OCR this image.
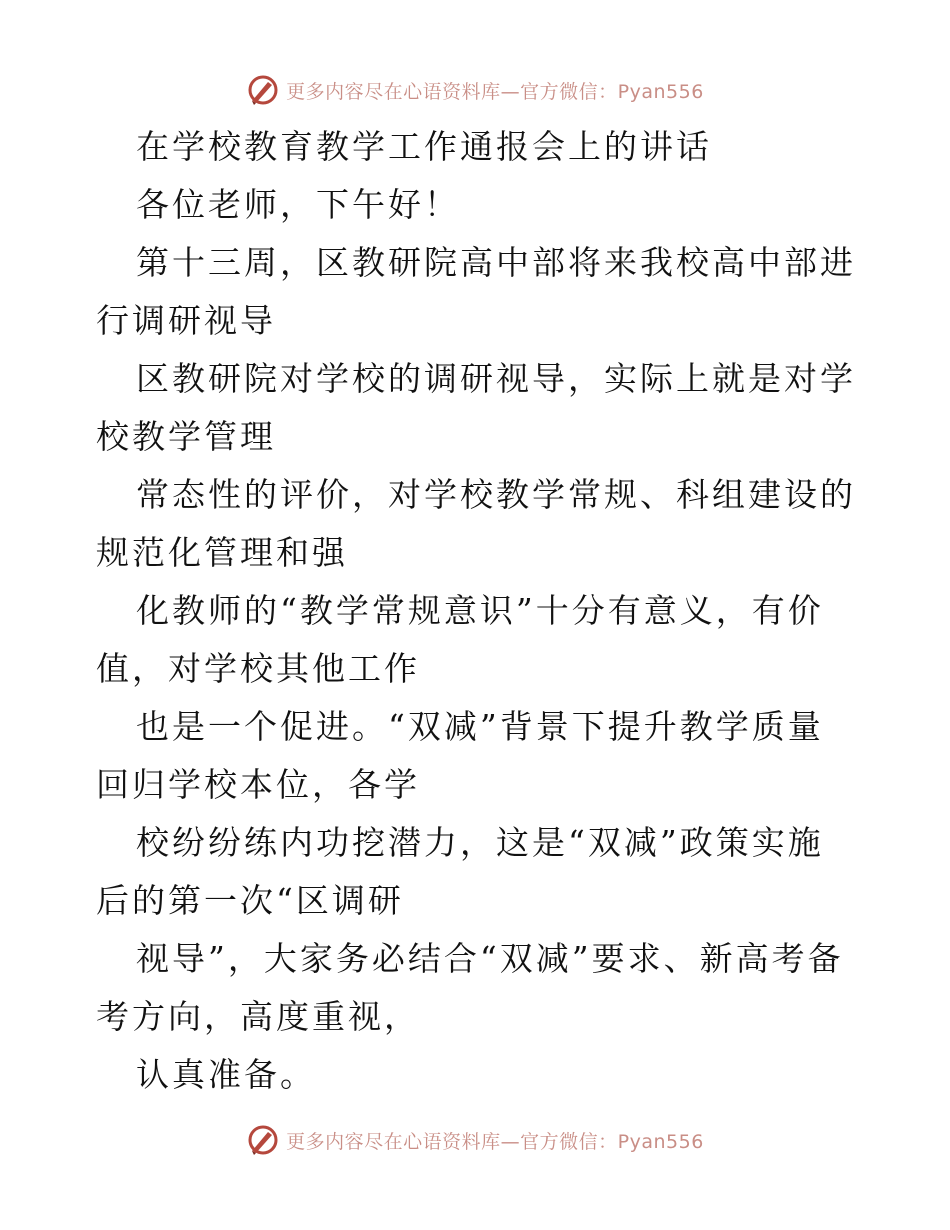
更多内容尽在心语资料库—官方微信：Pyan556

在学校教育教学工作通报会上的讲话

各位老师，下午好！

第十三周，区教研院高中部将来我校高中部进行调研视导

区教研院对学校的调研视导，实际上就是对学校教学管理

常态性的评价，对学校教学常规、科组建设的规范化管理和强

化教师的“教学常规意识”十分有意义，有价值，对学校其他工作

也是一个促进。“双减”背景下提升教学质量回归学校本位，各学

校纷纷练内功挖潜力，这是“双减”政策实施后的第一次“区调研

视导”，大家务必结合“双减”要求、新高考备考方向，高度重视，

认真准备。

更多内容尽在心语资料库—官方微信：Pyan556
